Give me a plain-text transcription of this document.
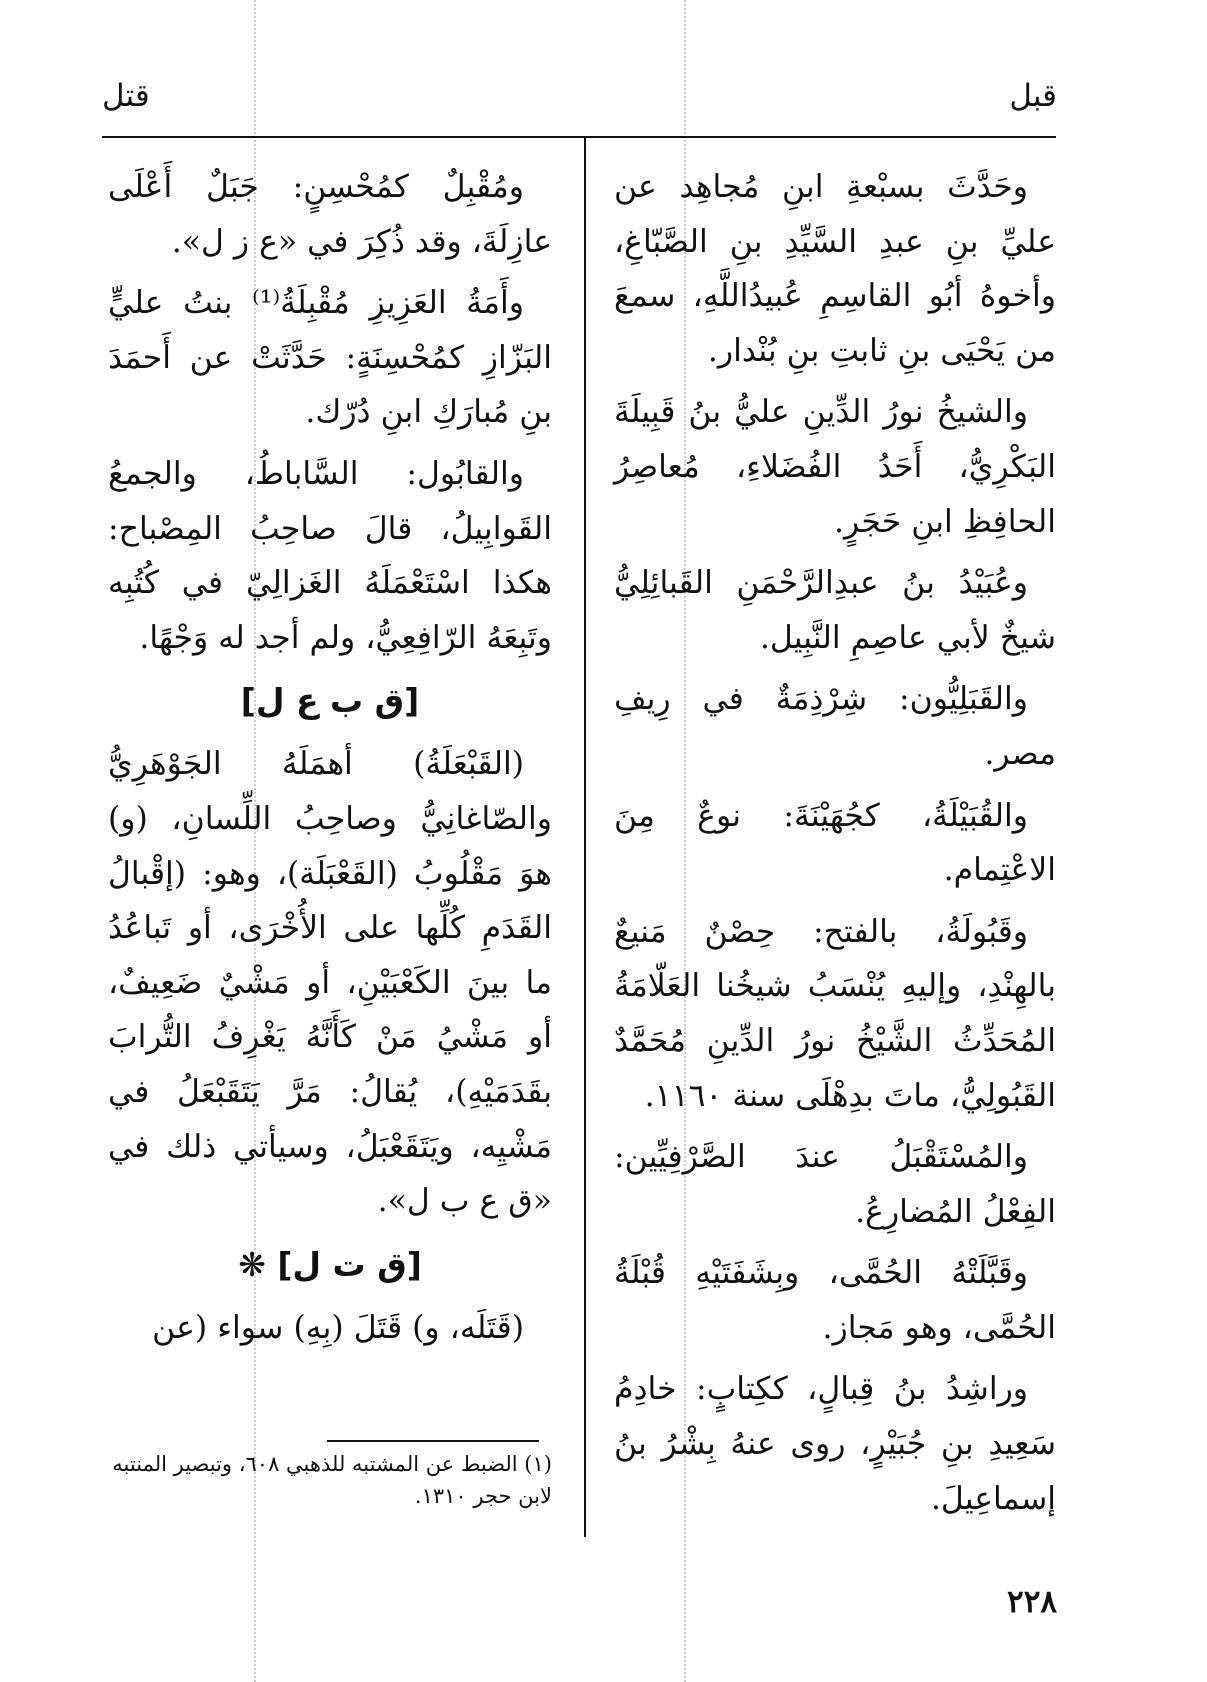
قبل
قتل

وحَدَّثَ بسبْعةِ ابنِ مُجاهِد عن عليِّ بنِ عبدِ السَّيِّدِ بنِ الصَّبّاغِ، وأخوهُ أبُو القاسِمِ عُبيدُاللَّهِ، سمعَ من يَحْيَى بنِ ثابتِ بنِ بُنْدار.

والشيخُ نورُ الدِّينِ عليُّ بنُ قَبِيلَةَ البَكْرِيُّ، أَحَدُ الفُضَلاءِ، مُعاصِرُ الحافِظِ ابنِ حَجَرٍ.

وعُبَيْدُ بنُ عبدِالرَّحْمَنِ القَبائِلِيُّ شيخٌ لأبي عاصِمِ النَّبِيل.

والقَبَلِيُّون: شِرْذِمَةٌ في رِيفِ مصر.

والقُبَيْلَةُ، كجُهَيْنَةَ: نوعٌ مِنَ الاعْتِمام.

وقَبُولَةُ، بالفتح: حِصْنٌ مَنيعٌ بالهِنْدِ، وإليهِ يُنْسَبُ شيخُنا العَلّامَةُ المُحَدِّثُ الشَّيْخُ نورُ الدِّينِ مُحَمَّدٌ القَبُولِيُّ، ماتَ بدِهْلَى سنة ١١٦٠.

والمُسْتَقْبَلُ عندَ الصَّرْفِيِّين: الفِعْلُ المُضارِعُ.

وقَبَّلَتْهُ الحُمَّى، وبِشَفَتَيْهِ قُبْلَةُ الحُمَّى، وهو مَجاز.

وراشِدُ بنُ قِبالٍ، ككِتابٍ: خادِمُ سَعِيدِ بنِ جُبَيْرٍ، روى عنهُ بِشْرُ بنُ إسماعِيلَ.

ومُقْبِلٌ كمُحْسِنٍ: جَبَلٌ أَعْلَى عازِلَةَ، وقد ذُكِرَ في «ع ز ل».

وأَمَةُ العَزِيزِ مُقْبِلَةُ⁽¹⁾ بنتُ عليٍّ البَزّازِ كمُحْسِنَةٍ: حَدَّثَتْ عن أَحمَدَ بنِ مُبارَكِ ابنِ دُرّك.

والقابُول: السَّاباطُ، والجمعُ القَوابِيلُ، قالَ صاحِبُ المِصْباح: هكذا اسْتَعْمَلَهُ الغَزالِيّ في كُتُبِه وتَبِعَهُ الرّافِعِيُّ، ولم أجد له وَجْهًا.

[ق ب ع ل]

(القَبْعَلَةُ) أهمَلَهُ الجَوْهَرِيُّ والصّاغانِيُّ وصاحِبُ اللِّسانِ، (و) هوَ مَقْلُوبُ (القَعْبَلَة)، وهو: (إقْبالُ القَدَمِ كُلِّها على الأُخْرَى، أو تَباعُدُ ما بينَ الكَعْبَيْنِ، أو مَشْيٌ ضَعِيفٌ، أو مَشْيُ مَنْ كَأَنَّهُ يَغْرِفُ التُّرابَ بقَدَمَيْهِ)، يُقالُ: مَرَّ يَتَقَبْعَلُ في مَشْيِه، ويَتَقَعْبَلُ، وسيأتي ذلك في «ق ع ب ل».

[ق ت ل] ❋

(قَتَلَه، و) قَتَلَ (بِهِ) سواء (عن

(١) الضبط عن المشتبه للذهبي ٦٠٨، وتبصير المنتبه لابن حجر ١٣١٠.
٢٢٨
